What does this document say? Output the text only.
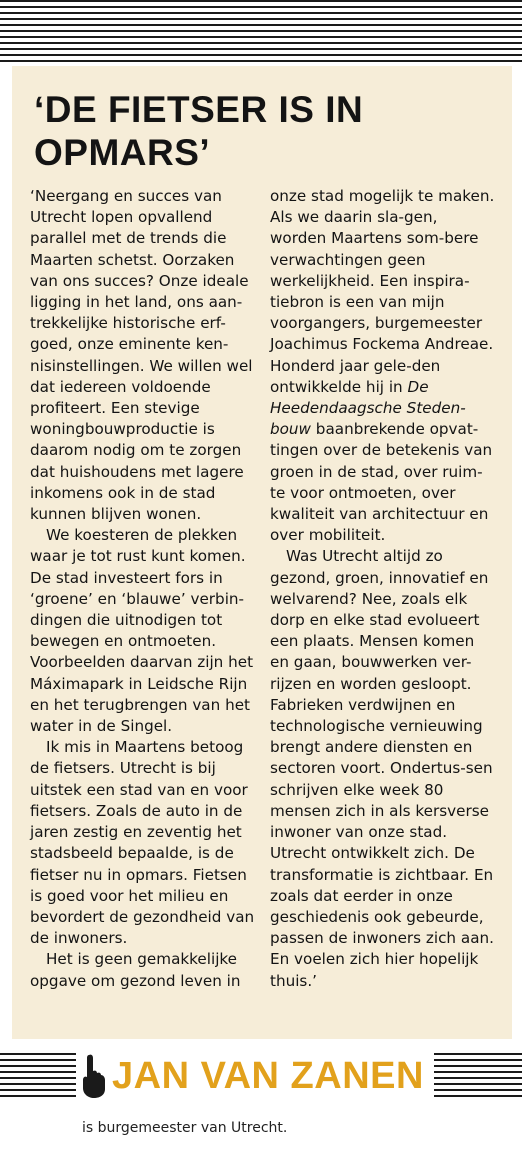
‘DE FIETSER IS IN OPMARS’

‘Neergang en succes van Utrecht lopen opvallend parallel met de trends die Maarten schetst. Oorzaken van ons succes? Onze ideale ligging in het land, ons aan-trekkelijke historische erf-goed, onze eminente ken-nisinstellingen. We willen wel dat iedereen voldoende profiteert. Een stevige woningbouwproductie is daarom nodig om te zorgen dat huishoudens met lagere inkomens ook in de stad kunnen blijven wonen.

We koesteren de plekken waar je tot rust kunt komen. De stad investeert fors in ‘groene’ en ‘blauwe’ verbin-dingen die uitnodigen tot bewegen en ontmoeten. Voorbeelden daarvan zijn het Máximapark in Leidsche Rijn en het terugbrengen van het water in de Singel.

Ik mis in Maartens betoog de fietsers. Utrecht is bij uitstek een stad van en voor fietsers. Zoals de auto in de jaren zestig en zeventig het stadsbeeld bepaalde, is de fietser nu in opmars. Fietsen is goed voor het milieu en bevordert de gezondheid van de inwoners.

Het is geen gemakkelijke opgave om gezond leven in

onze stad mogelijk te maken. Als we daarin sla-gen, worden Maartens som-bere verwachtingen geen werkelijkheid. Een inspira-tiebron is een van mijn voorgangers, burgemeester Joachimus Fockema Andreae. Honderd jaar gele-den ontwikkelde hij in De Heedendaagsche Steden-bouw baanbrekende opvat-tingen over de betekenis van groen in de stad, over ruim-te voor ontmoeten, over kwaliteit van architectuur en over mobiliteit.

Was Utrecht altijd zo gezond, groen, innovatief en welvarend? Nee, zoals elk dorp en elke stad evolueert een plaats. Mensen komen en gaan, bouwwerken ver-rijzen en worden gesloopt. Fabrieken verdwijnen en technologische vernieuwing brengt andere diensten en sectoren voort. Ondertus-sen schrijven elke week 80 mensen zich in als kersverse inwoner van onze stad. Utrecht ontwikkelt zich. De transformatie is zichtbaar. En zoals dat eerder in onze geschiedenis ook gebeurde, passen de inwoners zich aan. En voelen zich hier hopelijk thuis.’

JAN VAN ZANEN
is burgemeester van Utrecht.
